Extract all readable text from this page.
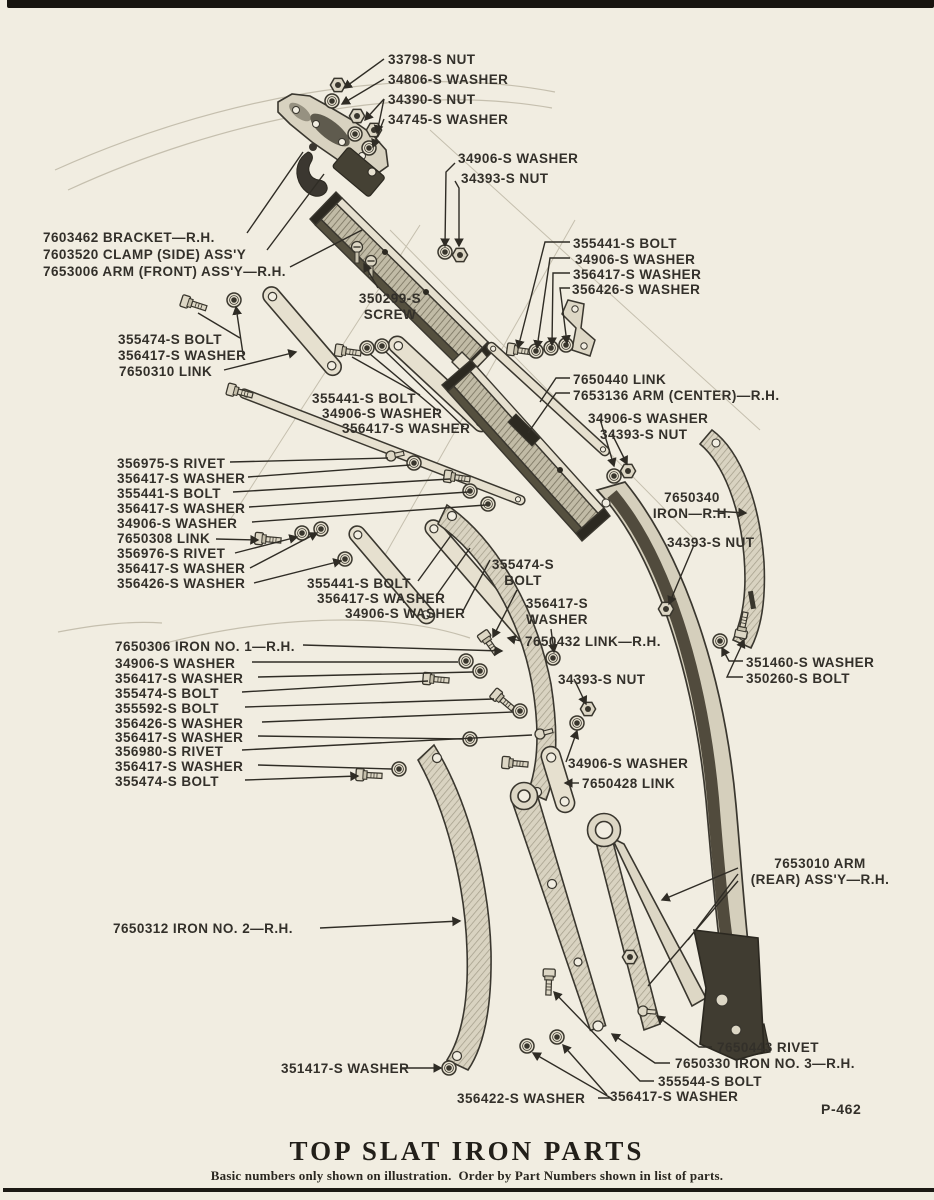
33798-S NUT
34806-S WASHER
34390-S NUT
34745-S WASHER
34906-S WASHER
34393-S NUT
7603462 BRACKET—R.H.
7603520 CLAMP (SIDE) ASS'Y
7653006 ARM (FRONT) ASS'Y—R.H.
350299-S
SCREW
355474-S BOLT
356417-S WASHER
7650310 LINK
355441-S BOLT
34906-S WASHER
356417-S WASHER
356426-S WASHER
355441-S BOLT
34906-S WASHER
356417-S WASHER
7650440 LINK
7653136 ARM (CENTER)—R.H.
34906-S WASHER
34393-S NUT
356975-S RIVET
356417-S WASHER
355441-S BOLT
356417-S WASHER
34906-S WASHER
7650308 LINK
356976-S RIVET
356417-S WASHER
356426-S WASHER	355441-S BOLT
356417-S WASHER
34906-S WASHER
355474-S
BOLT
356417-S
WASHER
7650340
IRON—R.H.
34393-S NUT
7650432 LINK—R.H.
351460-S WASHER
350260-S BOLT
7650306 IRON NO. 1—R.H.
34906-S WASHER
356417-S WASHER
355474-S BOLT
355592-S BOLT
356426-S WASHER
356417-S WASHER
356980-S RIVET
356417-S WASHER
355474-S BOLT
34393-S NUT
34906-S WASHER
7650428 LINK
7653010 ARM
(REAR) ASS'Y—R.H.
7650312 IRON NO. 2—R.H.
351417-S WASHER
356422-S WASHER 356417-S WASHER
355544-S BOLT
7650330 IRON NO. 3—R.H.
7650443 RIVET
TOP SLAT IRON PARTS
Basic numbers only shown on illustration.  Order by Part Numbers shown in list of parts.
P-462
